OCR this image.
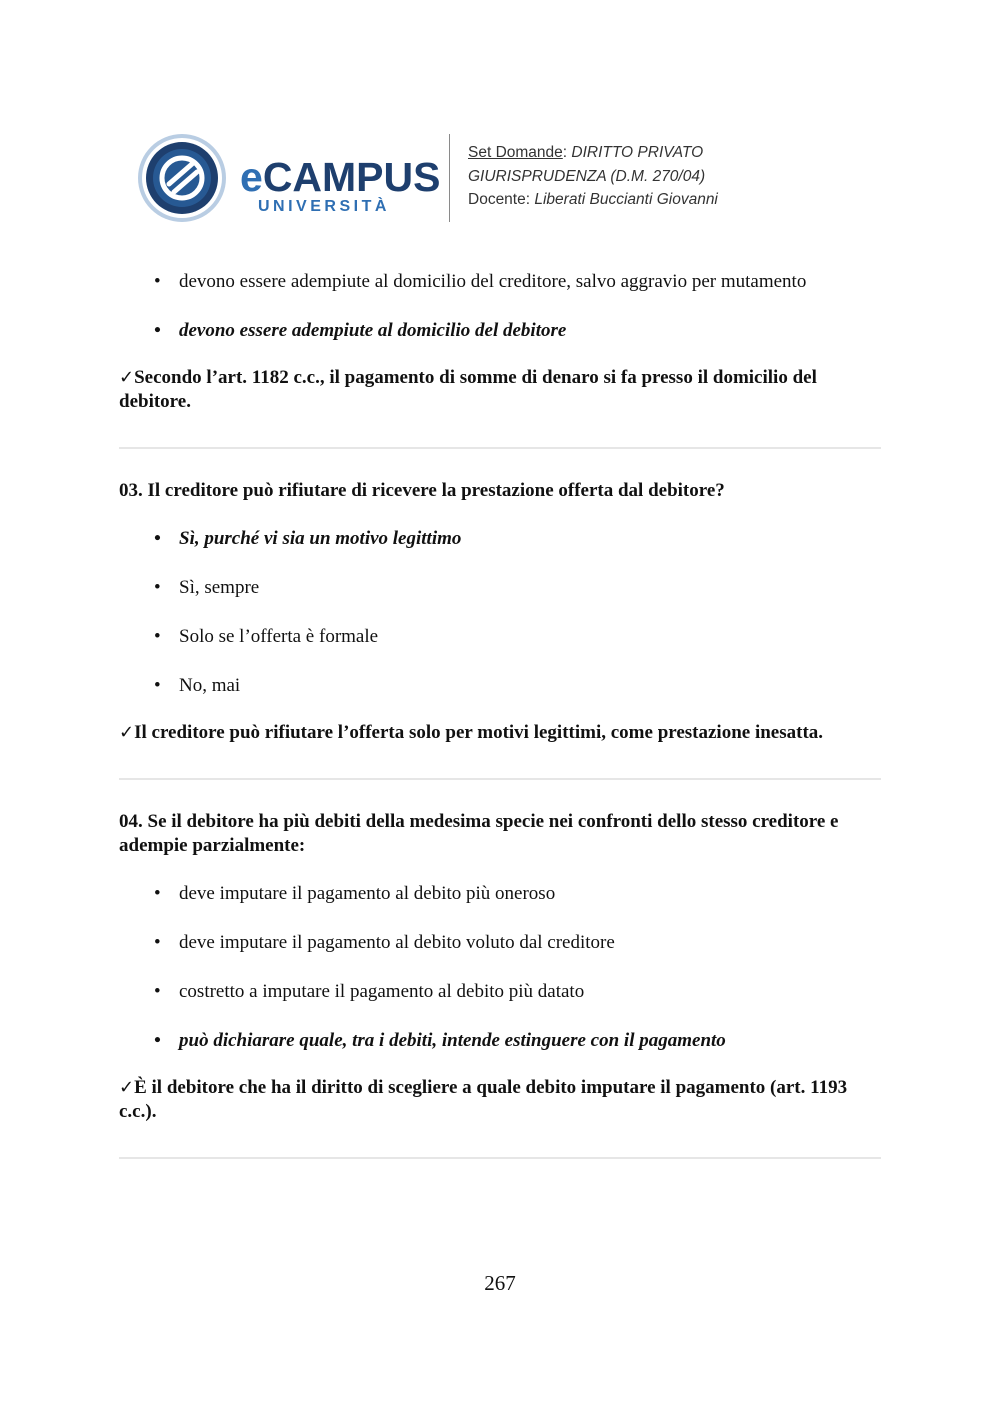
eCAMPUS
UNIVERSITÀ
Set Domande: DIRITTO PRIVATO
GIURISPRUDENZA (D.M. 270/04)
Docente: Liberati Buccianti Giovanni
• devono essere adempiute al domicilio del creditore, salvo aggravio per mutamento
• devono essere adempiute al domicilio del debitore
✓Secondo l’art. 1182 c.c., il pagamento di somme di denaro si fa presso il domicilio del debitore.
03. Il creditore può rifiutare di ricevere la prestazione offerta dal debitore?
• Sì, purché vi sia un motivo legittimo
• Sì, sempre
• Solo se l’offerta è formale
• No, mai
✓Il creditore può rifiutare l’offerta solo per motivi legittimi, come prestazione inesatta.
04. Se il debitore ha più debiti della medesima specie nei confronti dello stesso creditore e adempie parzialmente:
• deve imputare il pagamento al debito più oneroso
• deve imputare il pagamento al debito voluto dal creditore
• costretto a imputare il pagamento al debito più datato
• può dichiarare quale, tra i debiti, intende estinguere con il pagamento
✓È il debitore che ha il diritto di scegliere a quale debito imputare il pagamento (art. 1193 c.c.).
267
